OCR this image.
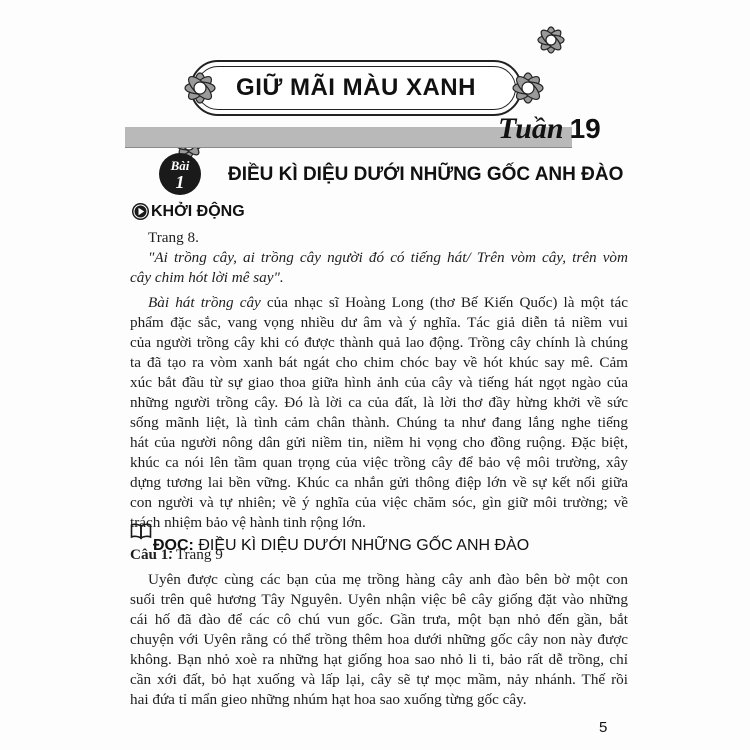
GIỮ MÃI MÀU XANH
Tuần 19
Bài
1	ĐIỀU KÌ DIỆU DƯỚI NHỮNG GỐC ANH ĐÀO
KHỞI ĐỘNG
Trang 8.
"Ai trồng cây, ai trồng cây người đó có tiếng hát/ Trên vòm cây, trên vòm
cây chim hót lời mê say".
Bài hát trồng cây của nhạc sĩ Hoàng Long (thơ Bế Kiến Quốc) là một tác
phẩm đặc sắc, vang vọng nhiều dư âm và ý nghĩa. Tác giả diễn tả niềm vui
của người trồng cây khi có được thành quả lao động. Trồng cây chính là chúng
ta đã tạo ra vòm xanh bát ngát cho chim chóc bay về hót khúc say mê. Cảm
xúc bắt đầu từ sự giao thoa giữa hình ảnh của cây và tiếng hát ngọt ngào của
những người trồng cây. Đó là lời ca của đất, là lời thơ đầy hừng khởi về sức
sống mãnh liệt, là tình cảm chân thành. Chúng ta như đang lắng nghe tiếng
hát của người nông dân gửi niềm tin, niềm hi vọng cho đồng ruộng. Đặc biệt,
khúc ca nói lên tầm quan trọng của việc trồng cây để bảo vệ môi trường, xây
dựng tương lai bền vững. Khúc ca nhắn gửi thông điệp lớn về sự kết nối giữa
con người và tự nhiên; về ý nghĩa của việc chăm sóc, gìn giữ môi trường; về
trách nhiệm bảo vệ hành tinh rộng lớn.
ĐỌC: ĐIỀU KÌ DIỆU DƯỚI NHỮNG GỐC ANH ĐÀO
Câu 1. Trang 9
Uyên được cùng các bạn của mẹ trồng hàng cây anh đào bên bờ một con
suối trên quê hương Tây Nguyên. Uyên nhận việc bê cây giống đặt vào những
cái hố đã đào để các cô chú vun gốc. Gần trưa, một bạn nhỏ đến gần, bắt
chuyện với Uyên rằng có thể trồng thêm hoa dưới những gốc cây non này được
không. Bạn nhỏ xoè ra những hạt giống hoa sao nhỏ li ti, bảo rất dễ trồng, chỉ
cần xới đất, bỏ hạt xuống và lấp lại, cây sẽ tự mọc mầm, nảy nhánh. Thế rồi
hai đứa tỉ mẩn gieo những nhúm hạt hoa sao xuống từng gốc cây.
5
